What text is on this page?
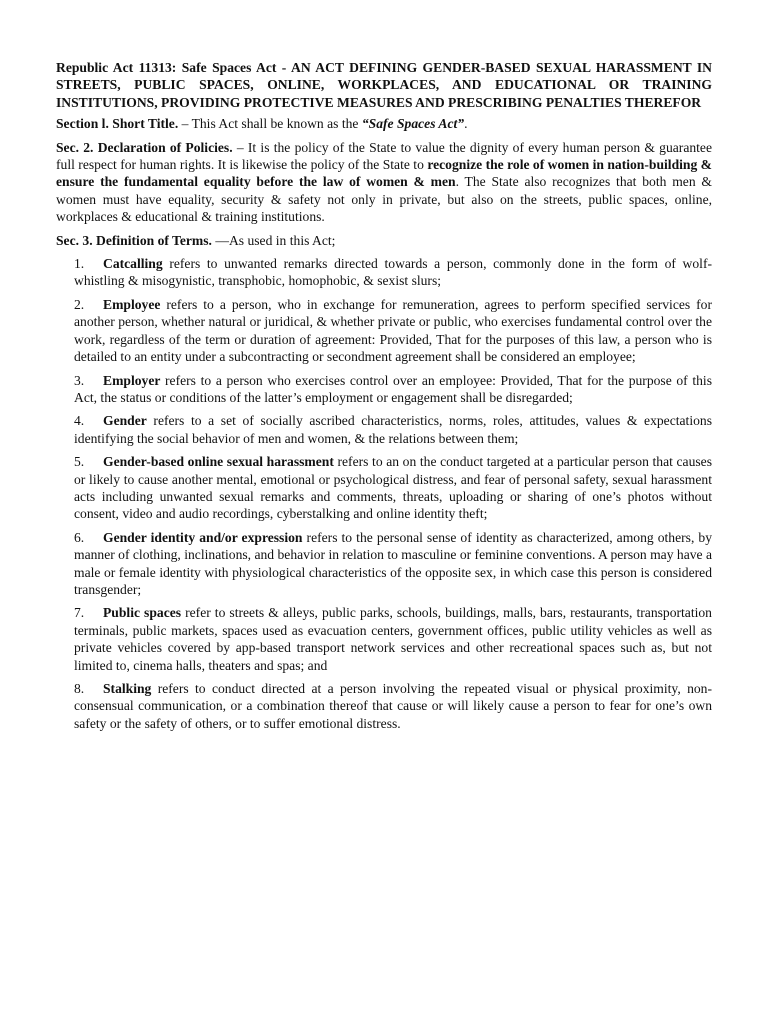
Republic Act 11313: Safe Spaces Act - AN ACT DEFINING GENDER-BASED SEXUAL HARASSMENT IN STREETS, PUBLIC SPACES, ONLINE, WORKPLACES, AND EDUCATIONAL OR TRAINING INSTITUTIONS, PROVIDING PROTECTIVE MEASURES AND PRESCRIBING PENALTIES THEREFOR

Section l. Short Title. – This Act shall be known as the “Safe Spaces Act”.

Sec. 2. Declaration of Policies. – It is the policy of the State to value the dignity of every human person & guarantee full respect for human rights. It is likewise the policy of the State to recognize the role of women in nation-building & ensure the fundamental equality before the law of women & men. The State also recognizes that both men & women must have equality, security & safety not only in private, but also on the streets, public spaces, online, workplaces & educational & training institutions.

Sec. 3. Definition of Terms. —As used in this Act;

1. Catcalling refers to unwanted remarks directed towards a person, commonly done in the form of wolf-whistling & misogynistic, transphobic, homophobic, & sexist slurs;
2. Employee refers to a person, who in exchange for remuneration, agrees to perform specified services for another person, whether natural or juridical, & whether private or public, who exercises fundamental control over the work, regardless of the term or duration of agreement: Provided, That for the purposes of this law, a person who is detailed to an entity under a subcontracting or secondment agreement shall be considered an employee;
3. Employer refers to a person who exercises control over an employee: Provided, That for the purpose of this Act, the status or conditions of the latter’s employment or engagement shall be disregarded;
4. Gender refers to a set of socially ascribed characteristics, norms, roles, attitudes, values & expectations identifying the social behavior of men and women, & the relations between them;
5. Gender-based online sexual harassment refers to an on the conduct targeted at a particular person that causes or likely to cause another mental, emotional or psychological distress, and fear of personal safety, sexual harassment acts including unwanted sexual remarks and comments, threats, uploading or sharing of one’s photos without consent, video and audio recordings, cyberstalking and online identity theft;
6. Gender identity and/or expression refers to the personal sense of identity as characterized, among others, by manner of clothing, inclinations, and behavior in relation to masculine or feminine conventions. A person may have a male or female identity with physiological characteristics of the opposite sex, in which case this person is considered transgender;
7. Public spaces refer to streets & alleys, public parks, schools, buildings, malls, bars, restaurants, transportation terminals, public markets, spaces used as evacuation centers, government offices, public utility vehicles as well as private vehicles covered by app-based transport network services and other recreational spaces such as, but not limited to, cinema halls, theaters and spas; and
8. Stalking refers to conduct directed at a person involving the repeated visual or physical proximity, non-consensual communication, or a combination thereof that cause or will likely cause a person to fear for one’s own safety or the safety of others, or to suffer emotional distress.
